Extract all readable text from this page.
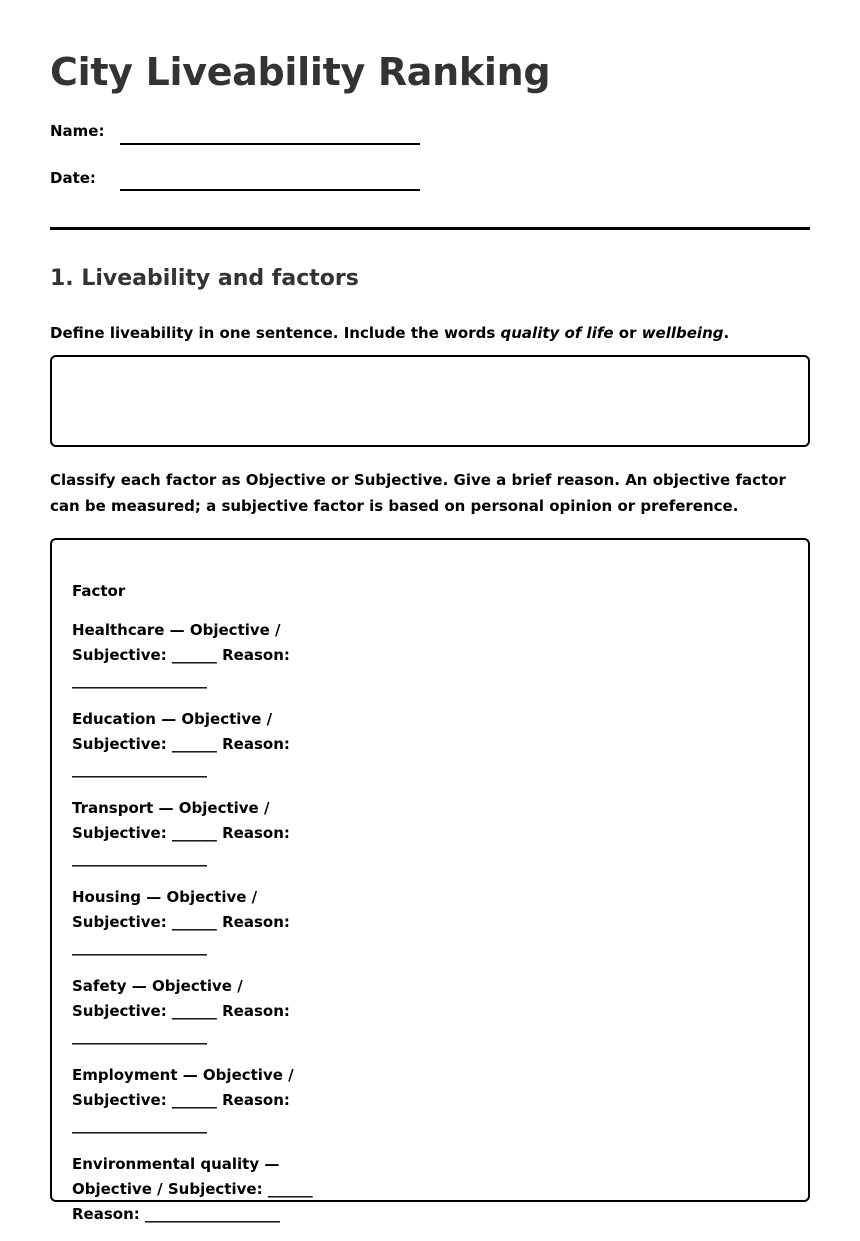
City Liveability Ranking
Name:
Date:
1. Liveability and factors
Define liveability in one sentence. Include the words quality of life or wellbeing.
Classify each factor as Objective or Subjective. Give a brief reason. An objective factor can be measured; a subjective factor is based on personal opinion or preference.
Factor
Healthcare — Objective / Subjective: ______ Reason: __________________
Education — Objective / Subjective: ______ Reason: __________________
Transport — Objective / Subjective: ______ Reason: __________________
Housing — Objective / Subjective: ______ Reason: __________________
Safety — Objective / Subjective: ______ Reason: __________________
Employment — Objective / Subjective: ______ Reason: __________________
Environmental quality — Objective / Subjective: ______ Reason: __________________
